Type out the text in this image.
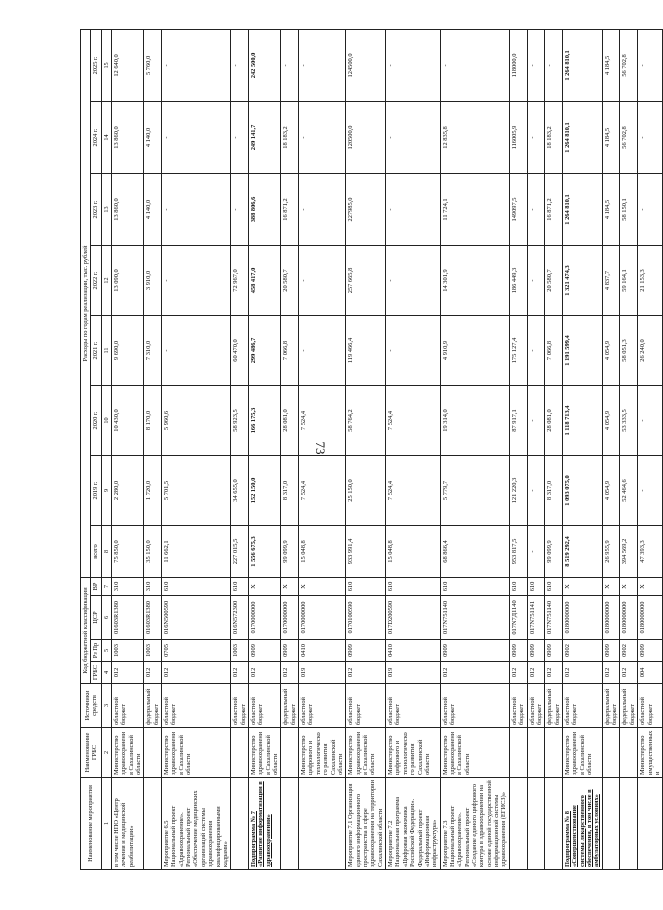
73
Наименование мероприятия	Наименование ГРБС	Источники средств	Код бюджетной классификации				Расходы по годам реализации, тыс. рублей							
			ГРБС	Рз Пр	ЦСР	ВР	всего	2019 г.	2020 г.	2021 г.	2022 г.	2023 г.	2024 г.	2025 г.
1	2	3	4	5	6	7	8	9	10	11	12	13	14	15
в том числе НПО «Центр лечения и медицинской реабилитации»	Министерство здравоохранения Сахалинской области	областной бюджет	012	1003	01603R1380	310	75 850,0	2 280,0	10 430,0	9 690,0	13 090,0	13 860,0	13 860,0	12 640,0
		федеральный бюджет	012	1003	01603R1380	310	35 150,0	1 720,0	8 170,0	7 310,0	3 910,0	4 140,0	4 140,0	5 760,0
Мероприятие 6.5 Национальный проект «Здравоохранение». Региональный проект «Обеспечение медицинских организаций системы здравоохранения квалифицированными кадрами»	Министерство здравоохранения Сахалинской области	областной бюджет	012	0705	016N500590	610	11 662,1	5 701,5	5 960,6	-	-	-	-	-
		областной бюджет	012	1003	016N572300	610	227 015,5	34 655,0	58 923,5	60 470,0	72 967,0	-	-	-
Подпрограмма № 7 «Развитие информатизации в здравоохранении»	Министерство здравоохранения Сахалинской области	областной бюджет	012	0909	0170000000	X	1 556 675,3	152 150,0	166 175,3	299 486,7	458 417,0	388 806,6	249 141,7	242 500,0
		федеральный бюджет	012	0909	0170000000	X	99 099,9	8 317,0	28 081,0	7 066,8	20 580,7	16 871,2	18 183,2	-
	Министерство цифрового и технологического развития Сахалинской области	областной бюджет	019	0410	0170000000	X	15 048,8	7 524,4	7 524,4	-	-	-	-	-
Мероприятие 7.1 Организация единого информационного пространства в сфере здравоохранения на территории Сахалинской области	Министерство здравоохранения Сахалинской области	областной бюджет	012	0909	0170100590	610	933 991,4	25 150,0	58 764,2	119 466,4	257 665,8	227985,0	120500,0	124500,0
Мероприятие 7.2 Национальная программа «Цифровая экономика Российской Федерации». Федеральный проект «Информационная инфраструктура»	Министерство цифрового и технологического развития Сахалинской области	областной бюджет	019	0410	017D200590	610	15 048,8	7 524,4	7 524,4	-	-	-	-	-
Мероприятие 7.3 Национальный проект «Здравоохранение». Региональный проект «Создание единого цифрового контура в здравоохранении на основе единой государственной информационной системы здравоохранения (ЕГИСЗ)»	Министерство здравоохранения Сахалинской области	областной бюджет	012	0909	017N751140	610	68 866,4	5 779,7	19 314,0	4 910,9	14 301,9	11 724,1	12 835,8	-
		областной бюджет	012	0909	017N7Д1140	610	953 817,5	121 220,3	87 917,1	175 127,4	186 449,3	149097,5	116005,9	118000,0
		областной бюджет	012	0909	017N751141	610	-	-	-	-	-	-	-	-
		федеральный бюджет	012	0909	017N751140	610	99 099,9	8 317,0	28 081,0	7 066,8	20 580,7	16 871,2	18 183,2	-
Подпрограмма № 8 «Совершенствование системы лекарственного обеспечения, в том числе в амбулаторных условиях»	Министерство здравоохранения Сахалинской области	областной бюджет	012	0902	0180000000	X	8 519 292,4	1 093 075,0	1 118 713,4	1 191 599,4	1 321 474,3	1 264 810,1	1 264 810,1	1 264 810,1
		федеральный бюджет	012	0909	0180000000	X	26 955,9	4 054,9	4 054,9	4 054,9	4 837,7	4 184,5	4 184,5	4 184,5
		федеральный бюджет	012	0902	0180000000	X	394 569,2	52 464,6	53 333,5	58 051,3	59 164,1	58 150,1	56 702,8	56 702,8
	Министерство имущественных и	областной бюджет	004	0909	0180000000	X	47 393,3	-	-	26 240,0	21 153,3	-	-	-
